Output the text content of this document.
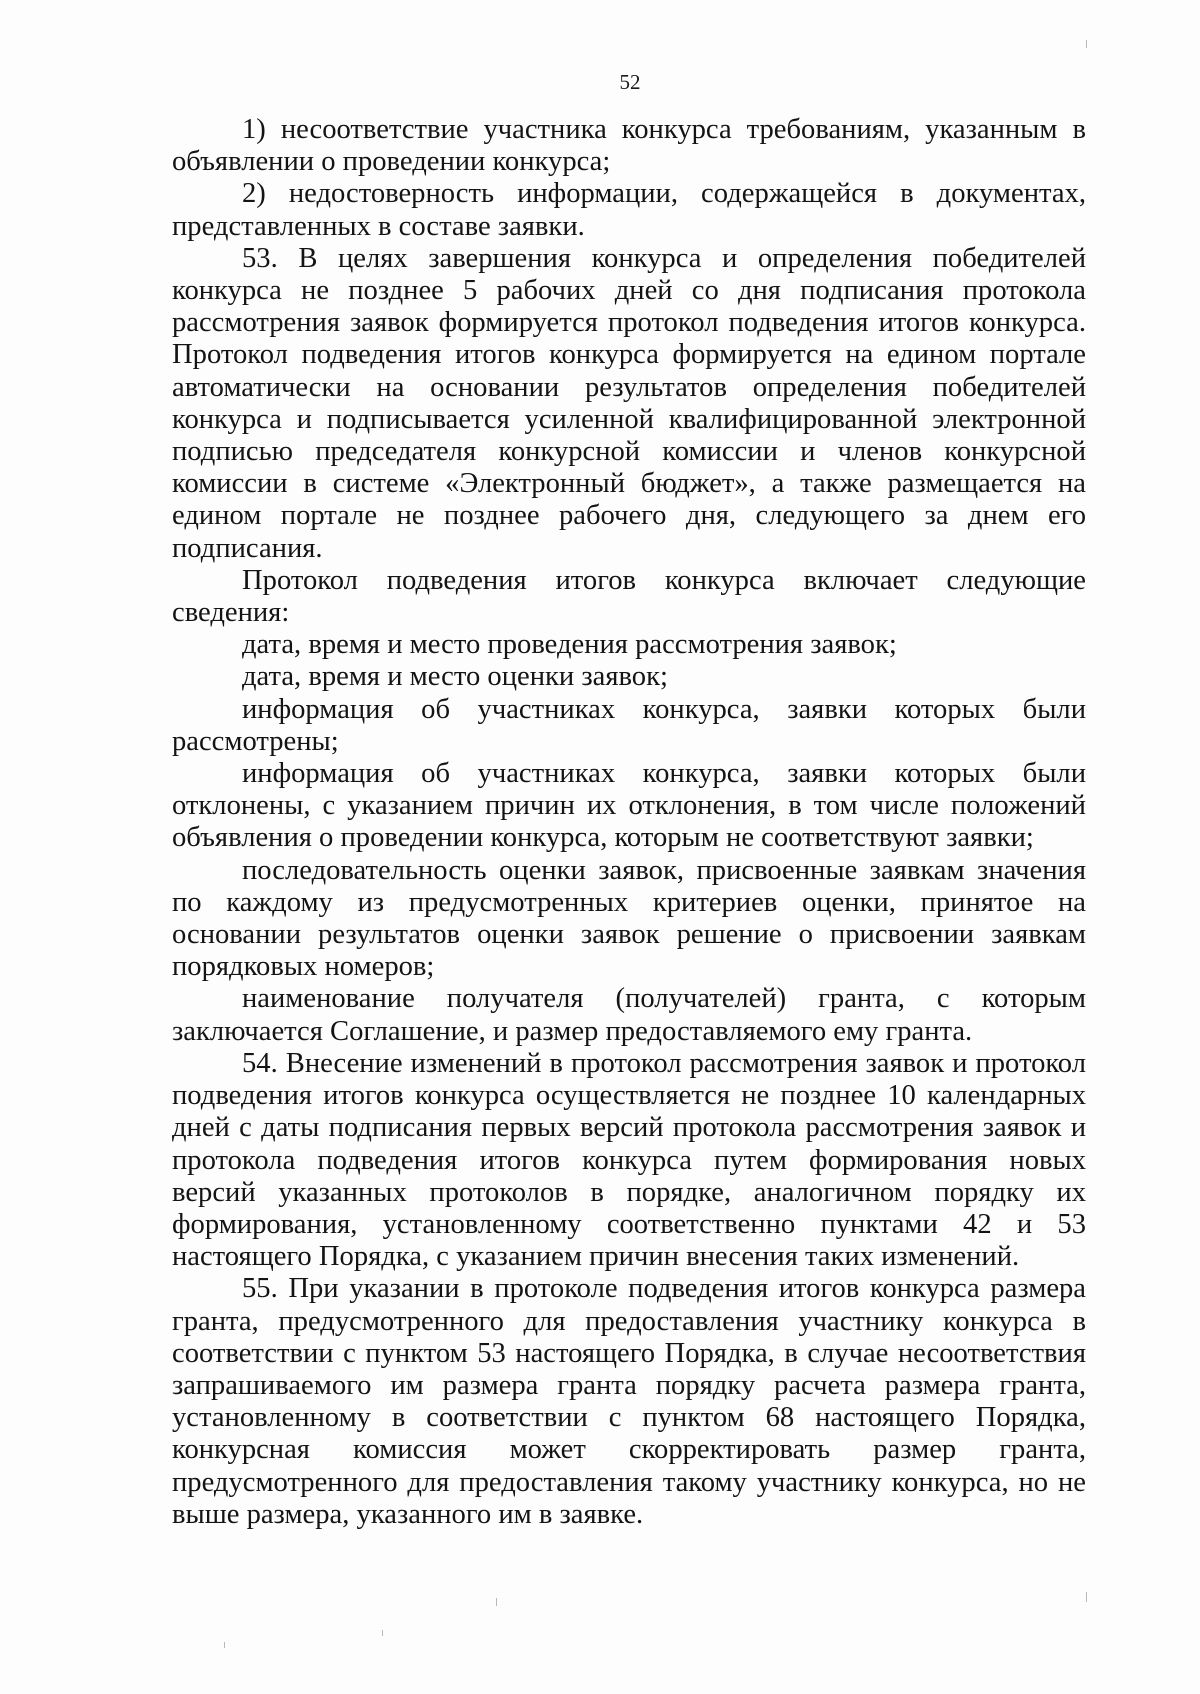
52

1) несоответствие участника конкурса требованиям, указанным в объявлении о проведении конкурса;

2) недостоверность информации, содержащейся в документах, представленных в составе заявки.

53. В целях завершения конкурса и определения победителей конкурса не позднее 5 рабочих дней со дня подписания протокола рассмотрения заявок формируется протокол подведения итогов конкурса. Протокол подведения итогов конкурса формируется на едином портале автоматически на основании результатов определения победителей конкурса и подписывается усиленной квалифицированной электронной подписью председателя конкурсной комиссии и членов конкурсной комиссии в системе «Электронный бюджет», а также размещается на едином портале не позднее рабочего дня, следующего за днем его подписания.

Протокол подведения итогов конкурса включает следующие сведения:

дата, время и место проведения рассмотрения заявок;

дата, время и место оценки заявок;

информация об участниках конкурса, заявки которых были рассмотрены;

информация об участниках конкурса, заявки которых были отклонены, с указанием причин их отклонения, в том числе положений объявления о проведении конкурса, которым не соответствуют заявки;

последовательность оценки заявок, присвоенные заявкам значения по каждому из предусмотренных критериев оценки, принятое на основании результатов оценки заявок решение о присвоении заявкам порядковых номеров;

наименование получателя (получателей) гранта, с которым заключается Соглашение, и размер предоставляемого ему гранта.

54. Внесение изменений в протокол рассмотрения заявок и протокол подведения итогов конкурса осуществляется не позднее 10 календарных дней с даты подписания первых версий протокола рассмотрения заявок и протокола подведения итогов конкурса путем формирования новых версий указанных протоколов в порядке, аналогичном порядку их формирования, установленному соответственно пунктами 42 и 53 настоящего Порядка, с указанием причин внесения таких изменений.

55. При указании в протоколе подведения итогов конкурса размера гранта, предусмотренного для предоставления участнику конкурса в соответствии с пунктом 53 настоящего Порядка, в случае несоответствия запрашиваемого им размера гранта порядку расчета размера гранта, установленному в соответствии с пунктом 68 настоящего Порядка, конкурсная комиссия может скорректировать размер гранта, предусмотренного для предоставления такому участнику конкурса, но не выше размера, указанного им в заявке.
